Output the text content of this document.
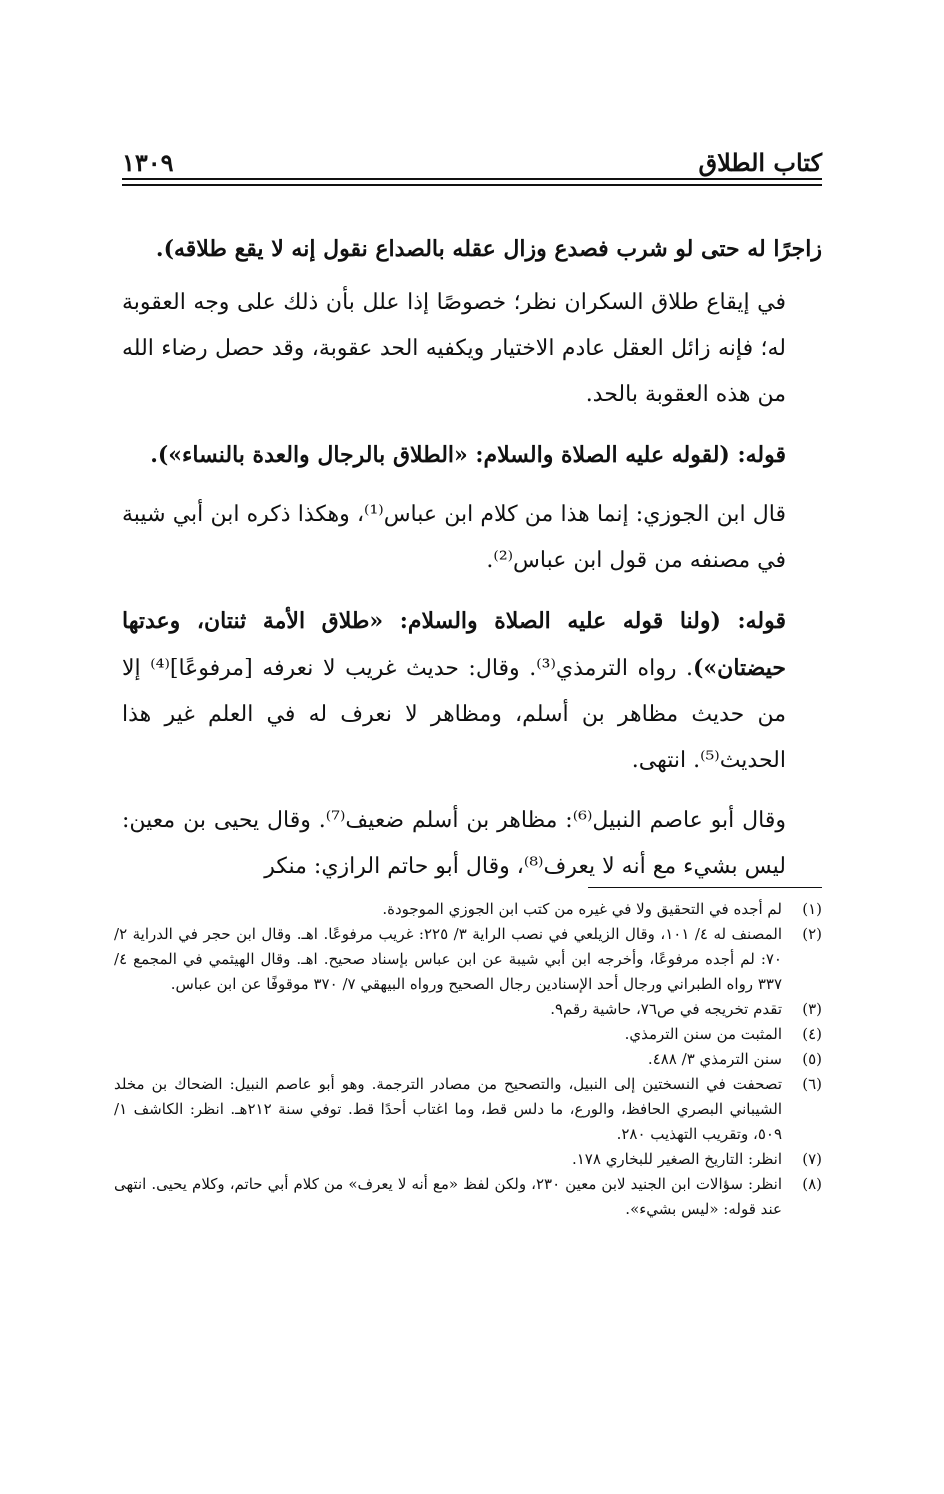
كتاب الطلاق
١٣٠٩

زاجرًا له حتى لو شرب فصدع وزال عقله بالصداع نقول إنه لا يقع طلاقه).

في إيقاع طلاق السكران نظر؛ خصوصًا إذا علل بأن ذلك على وجه العقوبة له؛ فإنه زائل العقل عادم الاختيار ويكفيه الحد عقوبة، وقد حصل رضاء الله من هذه العقوبة بالحد.

قوله: (لقوله عليه الصلاة والسلام: «الطلاق بالرجال والعدة بالنساء»).

قال ابن الجوزي: إنما هذا من كلام ابن عباس⁽¹⁾، وهكذا ذكره ابن أبي شيبة في مصنفه من قول ابن عباس⁽²⁾.

قوله: (ولنا قوله عليه الصلاة والسلام: «طلاق الأمة ثنتان، وعدتها حيضتان»). رواه الترمذي⁽³⁾. وقال: حديث غريب لا نعرفه [مرفوعًا]⁽⁴⁾ إلا من حديث مظاهر بن أسلم، ومظاهر لا نعرف له في العلم غير هذا الحديث⁽⁵⁾. انتهى.

وقال أبو عاصم النبيل⁽⁶⁾: مظاهر بن أسلم ضعيف⁽⁷⁾. وقال يحيى بن معين: ليس بشيء مع أنه لا يعرف⁽⁸⁾، وقال أبو حاتم الرازي: منكر

(١)
لم أجده في التحقيق ولا في غيره من كتب ابن الجوزي الموجودة.
(٢)
المصنف له ٤/ ١٠١، وقال الزيلعي في نصب الراية ٣/ ٢٢٥: غريب مرفوعًا. اهـ. وقال ابن حجر في الدراية ٢/ ٧٠: لم أجده مرفوعًا، وأخرجه ابن أبي شيبة عن ابن عباس بإسناد صحيح. اهـ. وقال الهيثمي في المجمع ٤/ ٣٣٧ رواه الطبراني ورجال أحد الإسنادين رجال الصحيح ورواه البيهقي ٧/ ٣٧٠ موقوفًا عن ابن عباس.
(٣)
تقدم تخريجه في ص٧٦، حاشية رقم٩.
(٤)
المثبت من سنن الترمذي.
(٥)
سنن الترمذي ٣/ ٤٨٨.
(٦)
تصحفت في النسختين إلى النبيل، والتصحيح من مصادر الترجمة. وهو أبو عاصم النبيل: الضحاك بن مخلد الشيباني البصري الحافظ، والورع، ما دلس قط، وما اغتاب أحدًا قط. توفي سنة ٢١٢هـ. انظر: الكاشف ١/ ٥٠٩، وتقريب التهذيب ٢٨٠.
(٧)
انظر: التاريخ الصغير للبخاري ١٧٨.
(٨)
انظر: سؤالات ابن الجنيد لابن معين ٢٣٠، ولكن لفظ «مع أنه لا يعرف» من كلام أبي حاتم، وكلام يحيى. انتهى عند قوله: «ليس بشيء».
